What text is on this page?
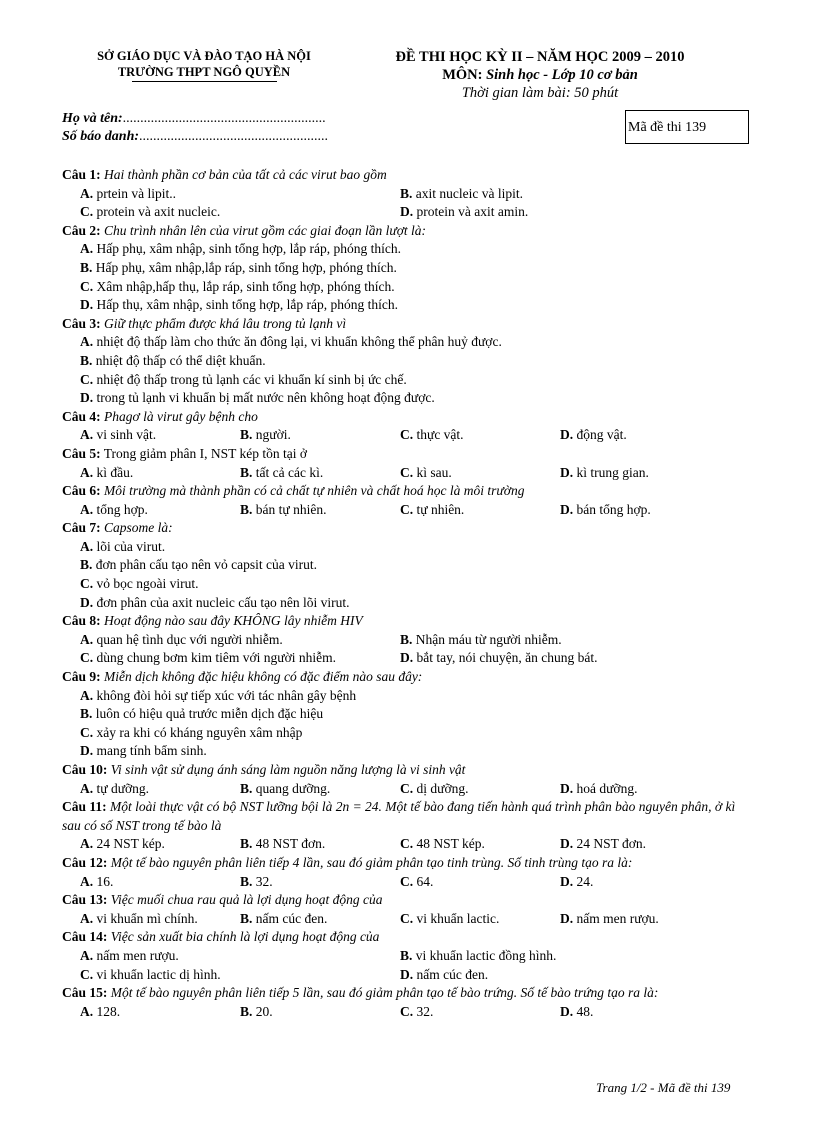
SỞ GIÁO DỤC VÀ ĐÀO TẠO HÀ NỘI
TRƯỜNG THPT NGÔ QUYỀN
ĐỀ THI HỌC KỲ II – NĂM HỌC 2009 – 2010
MÔN: Sinh học - Lớp 10 cơ bản
Thời gian làm bài: 50 phút
Họ và tên:..........................................................
Số báo danh:......................................................
Mã đề thi 139
Câu 1: Hai thành phần cơ bản của tất cả các virut bao gồm
A. prtein và lipit..	B. axit nucleic và lipit.
C. protein và axit nucleic.	D. protein và axit amin.
Câu 2: Chu trình nhân lên của virut gồm các giai đoạn lần lượt là:
A. Hấp phụ, xâm nhập, sinh tổng hợp, lắp ráp, phóng thích.
B. Hấp phụ, xâm nhập,lắp ráp, sinh tổng hợp, phóng thích.
C. Xâm nhập,hấp thụ, lắp ráp, sinh tổng hợp, phóng thích.
D. Hấp thụ, xâm nhập, sinh tổng hợp, lắp ráp, phóng thích.
Câu 3: Giữ thực phẩm được khá lâu trong tủ lạnh vì
A. nhiệt độ thấp làm cho thức ăn đông lại, vi khuẩn không thể phân huỷ được.
B. nhiệt độ thấp có thể diệt khuẩn.
C. nhiệt độ thấp trong tủ lạnh các vi khuẩn kí sinh bị ức chế.
D. trong tủ lạnh vi khuẩn bị mất nước nên không hoạt động được.
Câu 4: Phagơ là virut gây bệnh cho
A. vi sinh vật.	B. người.	C. thực vật.	D. động vật.
Câu 5: Trong giảm phân I, NST kép tồn tại ở
A. kì đầu.	B. tất cả các kì.	C. kì sau.	D. kì trung gian.
Câu 6: Môi trường mà thành phần có cả chất tự nhiên và chất hoá học là môi trường
A. tổng hợp.	B. bán tự nhiên.	C. tự nhiên.	D. bán tổng hợp.
Câu 7: Capsome là:
A. lõi của virut.
B. đơn phân cấu tạo nên vỏ capsit của virut.
C. vỏ bọc ngoài virut.
D. đơn phân của axit nucleic cấu tạo nên lõi virut.
Câu 8: Hoạt động nào sau đây KHÔNG lây nhiễm HIV
A. quan hệ tình dục với người nhiễm.	B. Nhận máu từ người nhiễm.
C. dùng chung bơm kim tiêm với người nhiễm.	D. bắt tay, nói chuyện, ăn chung bát.
Câu 9: Miễn dịch không đặc hiệu không có đặc điểm nào sau đây:
A. không đòi hỏi sự tiếp xúc với tác nhân gây bệnh
B. luôn có hiệu quả trước miễn dịch đặc hiệu
C. xảy ra khi có kháng nguyên xâm nhập
D. mang tính bẩm sinh.
Câu 10: Vi sinh vật sử dụng ánh sáng làm nguồn năng lượng là vi sinh vật
A. tự dưỡng.	B. quang dưỡng.	C. dị dưỡng.	D. hoá dưỡng.
Câu 11: Một loài thực vật có bộ NST lưỡng bội là 2n = 24. Một tế bào đang tiến hành quá trình phân bào nguyên phân, ở kì sau có số NST trong tế bào là
A. 24 NST kép.	B. 48 NST đơn.	C. 48 NST kép.	D. 24 NST đơn.
Câu 12: Một tế bào nguyên phân liên tiếp 4 lần, sau đó giảm phân tạo tinh trùng. Số tinh trùng tạo ra là:
A. 16.	B. 32.	C. 64.	D. 24.
Câu 13: Việc muối chua rau quả là lợi dụng hoạt động của
A. vi khuẩn mì chính.	B. nấm cúc đen.	C. vi khuẩn lactic.	D. nấm men rượu.
Câu 14: Việc sản xuất bia chính là lợi dụng hoạt động của
A. nấm men rượu.	B. vi khuẩn lactic đồng hình.
C. vi khuẩn lactic dị hình.	D. nấm cúc đen.
Câu 15: Một tế bào nguyên phân liên tiếp 5 lần, sau đó giảm phân tạo tế bào trứng. Số tế bào trứng tạo ra là:
A. 128.	B. 20.	C. 32.	D. 48.
Trang 1/2 - Mã đề thi 139
